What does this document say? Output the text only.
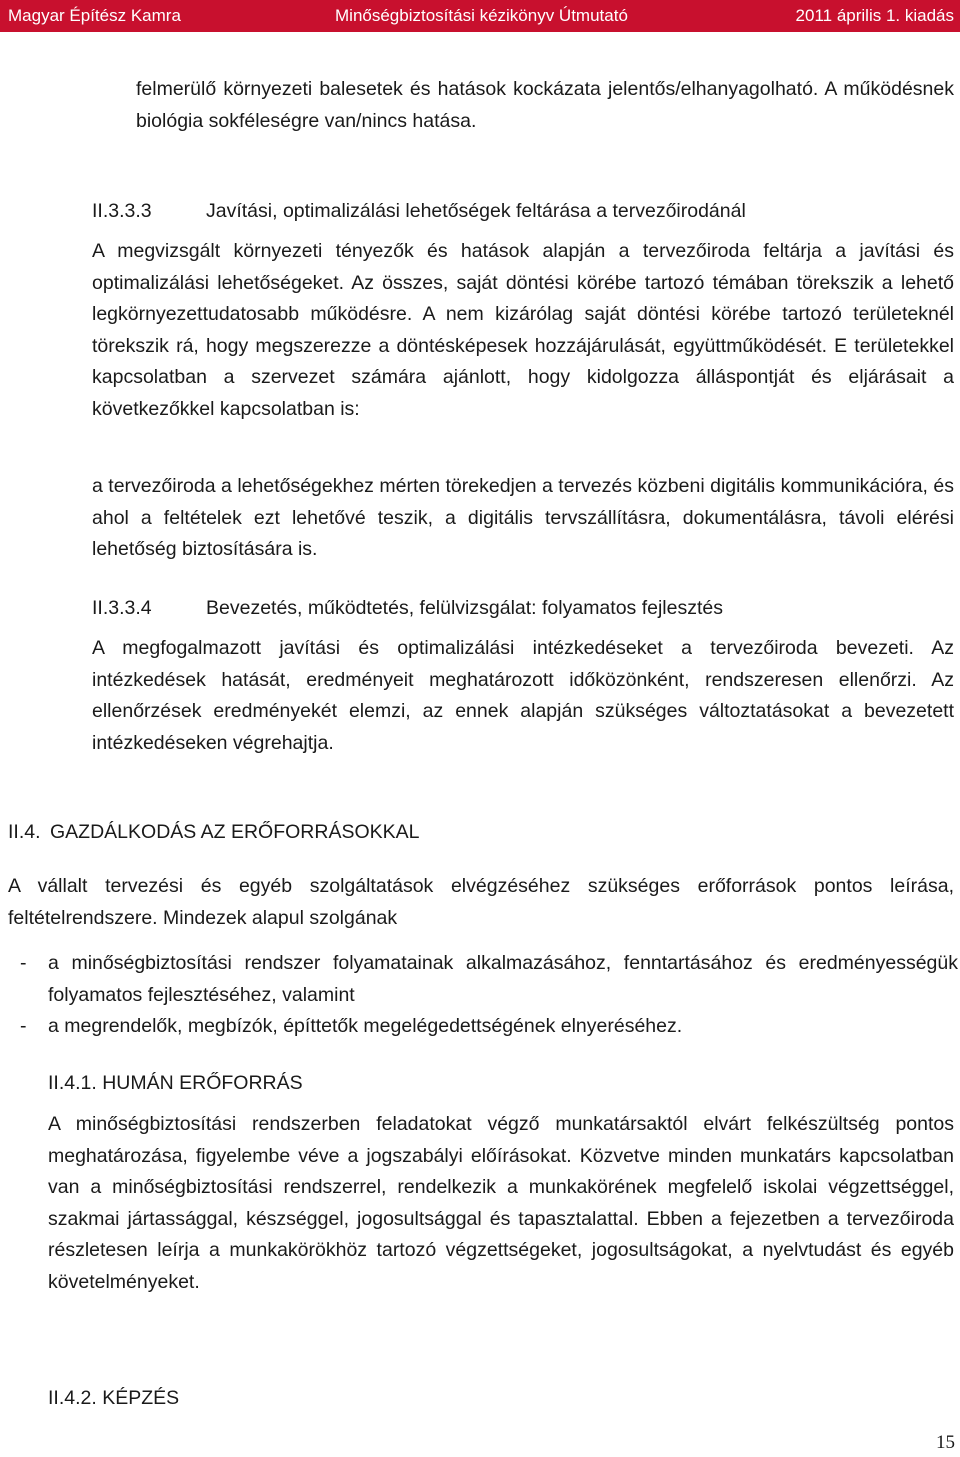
Magyar Építész Kamra	Minőségbiztosítási kézikönyv Útmutató	2011 április 1. kiadás

felmerülő környezeti balesetek és hatások kockázata jelentős/elhanyagolható. A működésnek biológia sokféleségre van/nincs hatása.

II.3.3.3	Javítási, optimalizálási lehetőségek feltárása a tervezőirodánál

A megvizsgált környezeti tényezők és hatások alapján a tervezőiroda feltárja a javítási és optimalizálási lehetőségeket. Az összes, saját döntési körébe tartozó témában törekszik a lehető legkörnyezettudatosabb működésre. A nem kizárólag saját döntési körébe tartozó területeknél törekszik rá, hogy megszerezze a döntésképesek hozzájárulását, együttműködését. E területekkel kapcsolatban a szervezet számára ajánlott, hogy kidolgozza álláspontját és eljárásait a következőkkel kapcsolatban is:

a tervezőiroda a lehetőségekhez mérten törekedjen a tervezés közbeni digitális kommunikációra, és ahol a feltételek ezt lehetővé teszik, a digitális tervszállításra, dokumentálásra, távoli elérési lehetőség biztosítására is.

II.3.3.4	Bevezetés, működtetés, felülvizsgálat: folyamatos fejlesztés

A megfogalmazott javítási és optimalizálási intézkedéseket a tervezőiroda bevezeti. Az intézkedések hatását, eredményeit meghatározott időközönként, rendszeresen ellenőrzi. Az ellenőrzések eredményekét elemzi, az ennek alapján szükséges változtatásokat a bevezetett intézkedéseken végrehajtja.

II.4. GAZDÁLKODÁS AZ ERŐFORRÁSOKKAL

A vállalt tervezési és egyéb szolgáltatások elvégzéséhez szükséges erőforrások pontos leírása, feltételrendszere. Mindezek alapul szolgának

- a minőségbiztosítási rendszer folyamatainak alkalmazásához, fenntartásához és eredményességük folyamatos fejlesztéséhez, valamint
- a megrendelők, megbízók, építtetők megelégedettségének elnyeréséhez.
II.4.1. HUMÁN ERŐFORRÁS

A minőségbiztosítási rendszerben feladatokat végző munkatársaktól elvárt felkészültség pontos meghatározása, figyelembe véve a jogszabályi előírásokat. Közvetve minden munkatárs kapcsolatban van a minőségbiztosítási rendszerrel, rendelkezik a munkakörének megfelelő iskolai végzettséggel, szakmai jártassággal, készséggel, jogosultsággal és tapasztalattal. Ebben a fejezetben a tervezőiroda részletesen leírja a munkakörökhöz tartozó végzettségeket, jogosultságokat, a nyelvtudást és egyéb követelményeket.

II.4.2. KÉPZÉS
15
